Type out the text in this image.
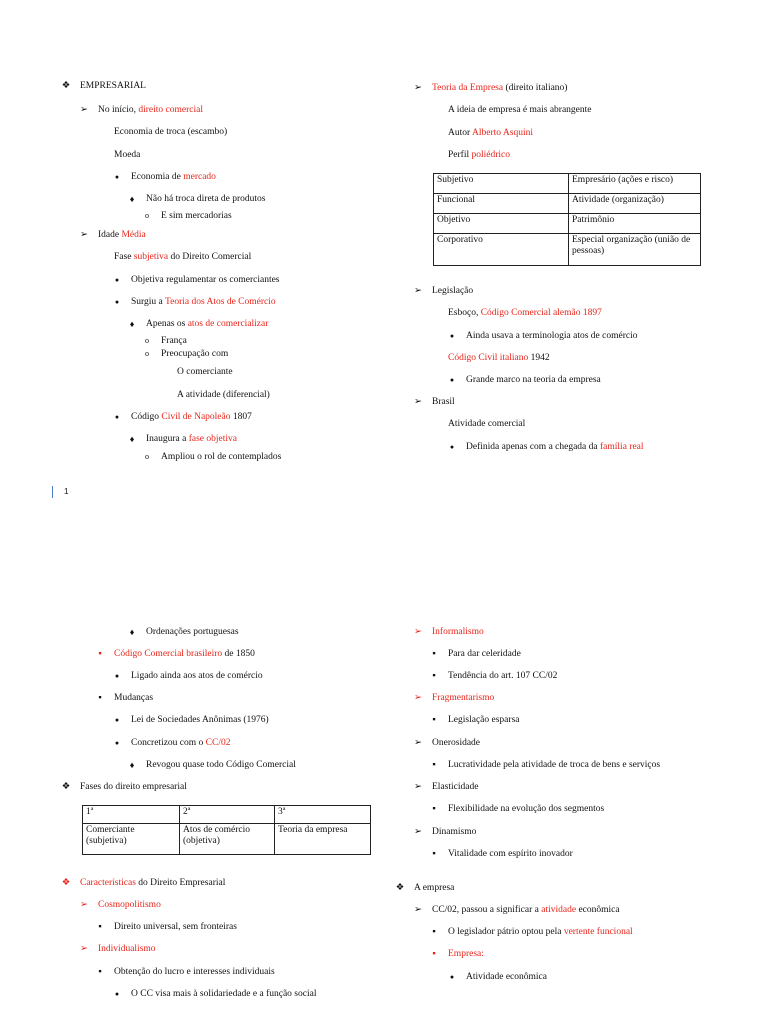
❖ EMPRESARIAL
➢ No início, direito comercial
Economia de troca (escambo)
Moeda
●	Economia de mercado
♦ Não há troca direta de produtos
o	E sim mercadorias
➢ Idade Média
Fase subjetiva do Direito Comercial
●	Objetiva regulamentar os comerciantes
●	Surgiu a Teoria dos Atos de Comércio
♦ Apenas os atos de comercializar
o	França
o	Preocupação com
O comerciante
A atividade (diferencial)
●	Código Civil de Napoleão 1807
♦ Inaugura a fase objetiva
o	Ampliou o rol de contemplados
➢ Teoria da Empresa (direito italiano)
A ideia de empresa é mais abrangente
Autor Alberto Asquini
Perfil poliédrico
➢ Legislação
Esboço, Código Comercial alemão 1897
●	Ainda usava a terminologia atos de comércio
Código Civil italiano 1942
●	Grande marco na teoria da empresa
➢ Brasil
Atividade comercial
●	Definida apenas com a chegada da família real
♦ Ordenações portuguesas
▪	Código Comercial brasileiro de 1850
●	Ligado ainda aos atos de comércio
▪	Mudanças
●	Lei de Sociedades Anônimas (1976)
●	Concretizou com o CC/02
♦ Revogou quase todo Código Comercial
❖ Fases do direito empresarial
❖ Características do Direito Empresarial
➢ Cosmopolitismo
▪	Direito universal, sem fronteiras
➢ Individualismo
▪	Obtenção do lucro e interesses individuais
●	O CC visa mais à solidariedade e a função social
➢ Informalismo
▪	Para dar celeridade
▪	Tendência do art. 107 CC/02
➢ Fragmentarismo
▪	Legislação esparsa
➢ Onerosidade
▪	Lucratividade pela atividade de troca de bens e serviços
➢ Elasticidade
▪	Flexibilidade na evolução dos segmentos
➢ Dinamismo
▪	Vitalidade com espírito inovador
❖ A empresa
➢ CC/02, passou a significar a atividade econômica
▪	O legislador pátrio optou pela vertente funcional
▪	Empresa:
●	Atividade econômica
Subjetivo	Empresário (ações e risco)
Funcional	Atividade (organização)
Objetivo	Patrimônio
Corporativo	Especial organização (união de pessoas)
1ª	2ª	3ª
Comerciante (subjetiva)	Atos de comércio (objetiva)	Teoria da empresa
1
